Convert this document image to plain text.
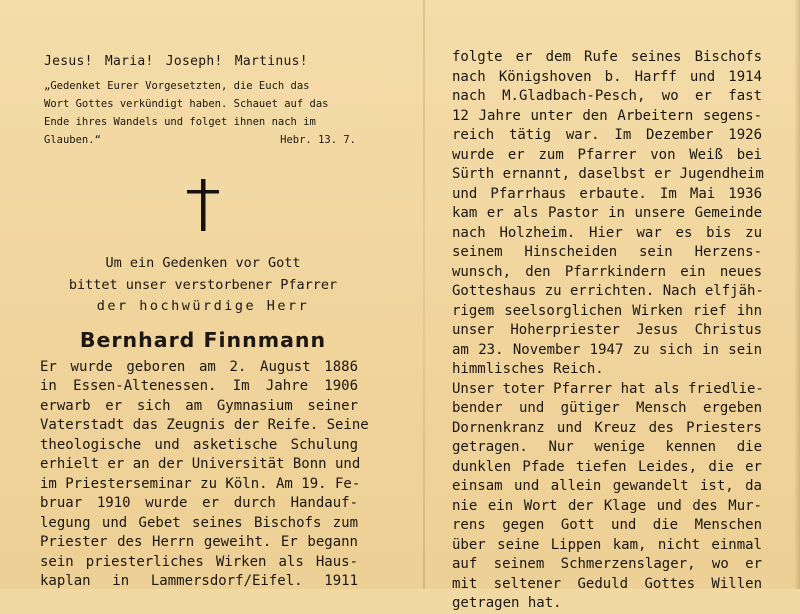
Jesus! Maria! Joseph! Martinus!
„Gedenket Eurer Vorgesetzten, die Euch das
Wort Gottes verkündigt haben. Schauet auf das
Ende ihres Wandels und folget ihnen nach im
Glauben.“	Hebr. 13. 7.
Um ein Gedenken vor Gott
bittet unser verstorbener Pfarrer
der hochwürdige Herr
Bernhard Finnmann
Er wurde geboren am 2. August 1886
in Essen-Altenessen. Im Jahre 1906
erwarb er sich am Gymnasium seiner
Vaterstadt das Zeugnis der Reife. Seine
theologische und asketische Schulung
erhielt er an der Universität Bonn und
im Priesterseminar zu Köln. Am 19. Fe-
bruar 1910 wurde er durch Handauf-
legung und Gebet seines Bischofs zum
Priester des Herrn geweiht. Er begann
sein priesterliches Wirken als Haus-
kaplan in Lammersdorf/Eifel. 1911
folgte er dem Rufe seines Bischofs
nach Königshoven b. Harff und 1914
nach M.Gladbach-Pesch, wo er fast
12 Jahre unter den Arbeitern segens-
reich tätig war. Im Dezember 1926
wurde er zum Pfarrer von Weiß bei
Sürth ernannt, daselbst er Jugendheim
und Pfarrhaus erbaute. Im Mai 1936
kam er als Pastor in unsere Gemeinde
nach Holzheim. Hier war es bis zu
seinem Hinscheiden sein Herzens-
wunsch, den Pfarrkindern ein neues
Gotteshaus zu errichten. Nach elfjäh-
rigem seelsorglichen Wirken rief ihn
unser Hoherpriester Jesus Christus
am 23. November 1947 zu sich in sein
himmlisches Reich.
Unser toter Pfarrer hat als friedlie-
bender und gütiger Mensch ergeben
Dornenkranz und Kreuz des Priesters
getragen. Nur wenige kennen die
dunklen Pfade tiefen Leides, die er
einsam und allein gewandelt ist, da
nie ein Wort der Klage und des Mur-
rens gegen Gott und die Menschen
über seine Lippen kam, nicht einmal
auf seinem Schmerzenslager, wo er
mit seltener Geduld Gottes Willen
getragen hat.
